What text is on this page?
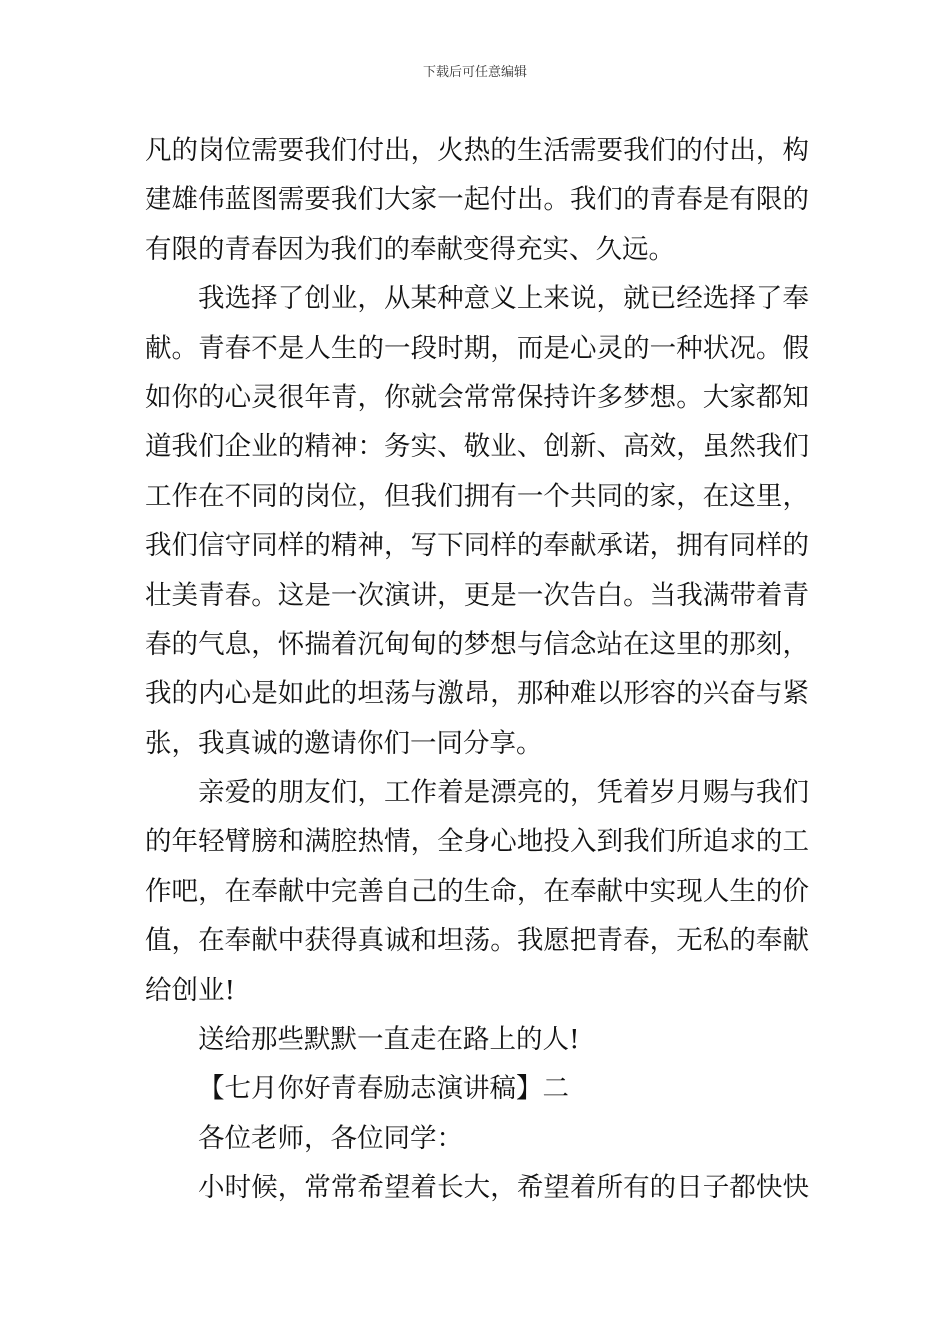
下载后可任意编辑
凡的岗位需要我们付出，火热的生活需要我们的付出，构
建雄伟蓝图需要我们大家一起付出。我们的青春是有限的
有限的青春因为我们的奉献变得充实、久远。
我选择了创业，从某种意义上来说，就已经选择了奉
献。青春不是人生的一段时期，而是心灵的一种状况。假
如你的心灵很年青，你就会常常保持许多梦想。大家都知
道我们企业的精神：务实、敬业、创新、高效，虽然我们
工作在不同的岗位，但我们拥有一个共同的家，在这里，
我们信守同样的精神，写下同样的奉献承诺，拥有同样的
壮美青春。这是一次演讲，更是一次告白。当我满带着青
春的气息，怀揣着沉甸甸的梦想与信念站在这里的那刻，
我的内心是如此的坦荡与激昂，那种难以形容的兴奋与紧
张，我真诚的邀请你们一同分享。
亲爱的朋友们，工作着是漂亮的，凭着岁月赐与我们
的年轻臂膀和满腔热情，全身心地投入到我们所追求的工
作吧，在奉献中完善自己的生命，在奉献中实现人生的价
值，在奉献中获得真诚和坦荡。我愿把青春，无私的奉献
给创业!
送给那些默默一直走在路上的人!
【七月你好青春励志演讲稿】二
各位老师，各位同学：
小时候，常常希望着长大，希望着所有的日子都快快
